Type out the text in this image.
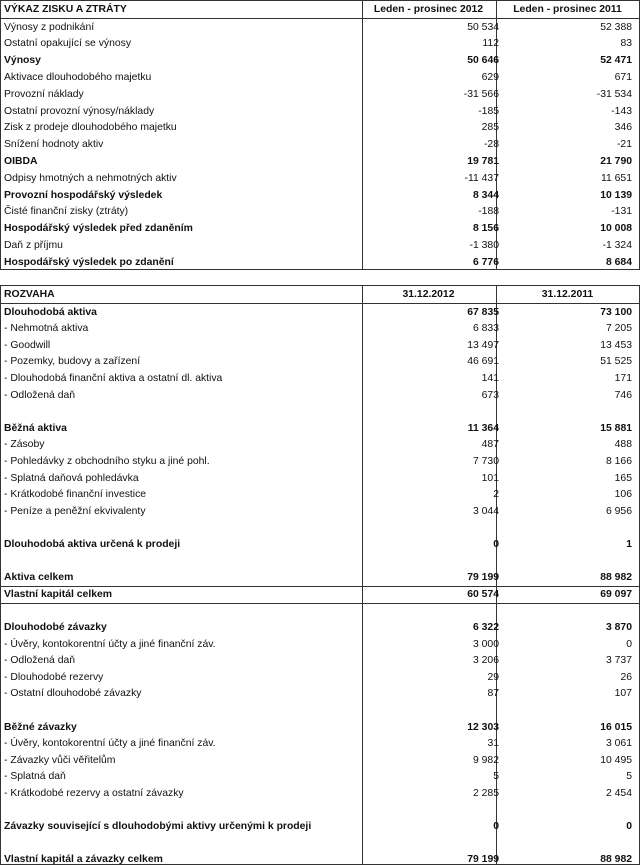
VÝKAZ ZISKU A ZTRÁTY	Leden - prosinec 2012	Leden - prosinec 2011
Výnosy z podnikání	50 534	52 388
Ostatní opakující se výnosy	112	83
Výnosy	50 646	52 471
Aktivace dlouhodobého majetku	629	671
Provozní náklady	-31 566	-31 534
Ostatní provozní výnosy/náklady	-185	-143
Zisk z prodeje dlouhodobého majetku	285	346
Snížení hodnoty aktiv	-28	-21
OIBDA	19 781	21 790
Odpisy hmotných a nehmotných aktiv	-11 437	11 651
Provozní hospodářský výsledek	8 344	10 139
Čisté finanční zisky (ztráty)	-188	-131
Hospodářský výsledek před zdaněním	8 156	10 008
Daň z příjmu	-1 380	-1 324
Hospodářský výsledek po zdanění	6 776	8 684
ROZVAHA	31.12.2012	31.12.2011
Dlouhodobá aktiva	67 835	73 100
- Nehmotná aktiva	6 833	7 205
- Goodwill	13 497	13 453
- Pozemky, budovy a zařízení	46 691	51 525
- Dlouhodobá finanční aktiva a ostatní dl. aktiva	141	171
- Odložená daň	673	746
Běžná aktiva	11 364	15 881
- Zásoby	487	488
- Pohledávky z obchodního styku a jiné pohl.	7 730	8 166
- Splatná daňová pohledávka	101	165
- Krátkodobé finanční investice	2	106
- Peníze a peněžní ekvivalenty	3 044	6 956
Dlouhodobá aktiva určená k prodeji	0	1
Aktiva celkem	79 199	88 982
Vlastní kapitál celkem	60 574	69 097
Dlouhodobé závazky	6 322	3 870
- Úvěry, kontokorentní účty a jiné finanční záv.	3 000	0
- Odložená daň	3 206	3 737
- Dlouhodobé rezervy	29	26
- Ostatní dlouhodobé závazky	87	107
Běžné závazky	12 303	16 015
- Úvěry, kontokorentní účty a jiné finanční záv.	31	3 061
- Závazky vůči věřitelům	9 982	10 495
- Splatná daň	5	5
- Krátkodobé rezervy a ostatní závazky	2 285	2 454
Závazky související s dlouhodobými aktivy určenými k prodeji	0	0
Vlastní kapitál a závazky celkem	79 199	88 982
